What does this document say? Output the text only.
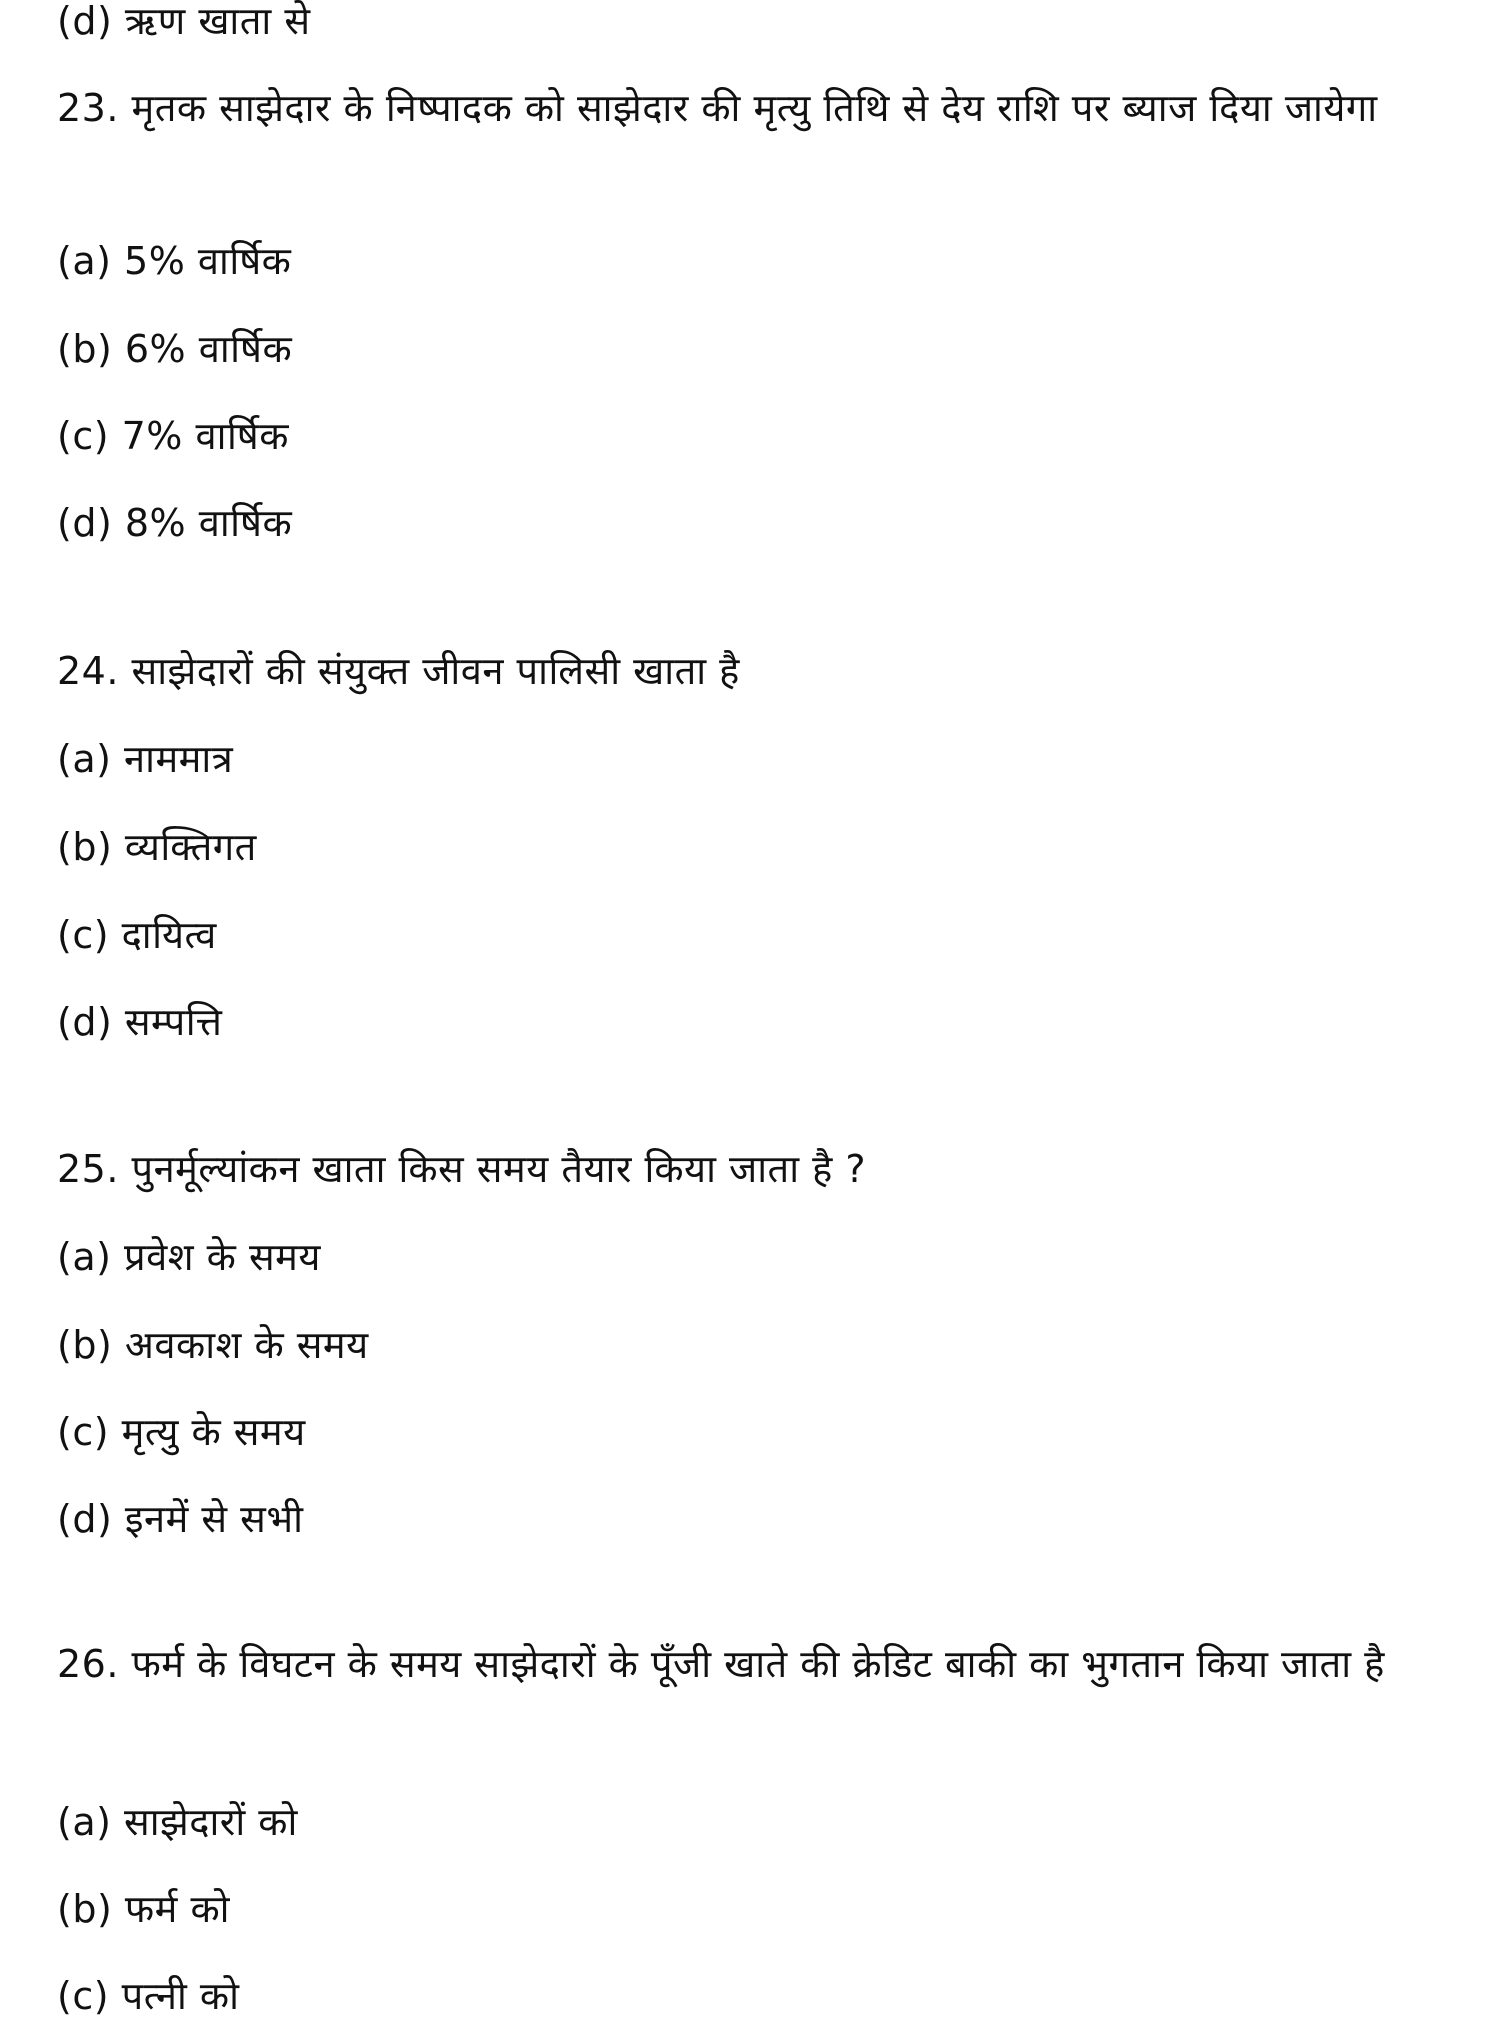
(d) ऋण खाता से
23. मृतक साझेदार के निष्पादक को साझेदार की मृत्यु तिथि से देय राशि पर ब्याज दिया जायेगा
(a) 5% वार्षिक
(b) 6% वार्षिक
(c) 7% वार्षिक
(d) 8% वार्षिक
24. साझेदारों की संयुक्त जीवन पालिसी खाता है
(a) नाममात्र
(b) व्यक्तिगत
(c) दायित्व
(d) सम्पत्ति
25. पुनर्मूल्यांकन खाता किस समय तैयार किया जाता है ?
(a) प्रवेश के समय
(b) अवकाश के समय
(c) मृत्यु के समय
(d) इनमें से सभी
26. फर्म के विघटन के समय साझेदारों के पूँजी खाते की क्रेडिट बाकी का भुगतान किया जाता है
(a) साझेदारों को
(b) फर्म को
(c) पत्नी को
